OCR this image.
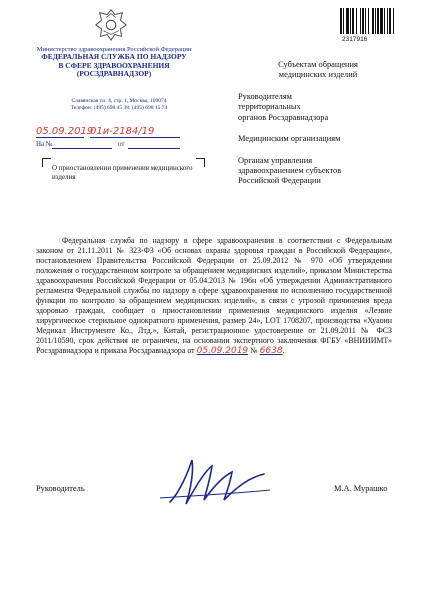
Министерство здравоохранения Российской Федерации
ФЕДЕРАЛЬНАЯ СЛУЖБА ПО НАДЗОРУ
В СФЕРЕ ЗДРАВООХРАНЕНИЯ
(РОСЗДРАВНАДЗОР)
Славянская пл. 4, стр. 1, Москва, 109074
Телефон: (495) 698 45 38; (495) 698 15 74
05.09.2019
01и-2184/19
На №	от
О приостановлении применения медицинского изделия
2317916
Субъектам обращения
медицинских изделий
Руководителям
территориальных
органов Росздравнадзора
Медицинским организациям
Органам управления
здравоохранением субъектов
Российской Федерации
Федеральная служба по надзору в сфере здравоохранения в соответствии с Федеральным законом от 21.11.2011 № 323-ФЗ «Об основах охраны здоровья граждан в Российской Федерации», постановлением Правительства Российской Федерации от 25.09.2012 № 970 «Об утверждении положения о государственном контроле за обращением медицинских изделий», приказом Министерства здравоохранения Российской Федерации от 05.04.2013 № 196н «Об утверждении Административного регламента Федеральной службы по надзору в сфере здравоохранения по исполнению государственной функции по контролю за обращением медицинских изделий», в связи с угрозой причинения вреда здоровью граждан, сообщает о приостановлении применения медицинского изделия «Лезвие хирургическое стерильное однократного применения, размер 24», LOT 1708207, производства «Хуаоин Медикал Инструменте Ко., Лтд.», Китай, регистрационное удостоверение от 21.09.2011 № ФСЗ 2011/10590, срок действия не ограничен, на основании экспертного заключения ФГБУ «ВНИИИМТ» Росздравнадзора и приказа Росздравнадзора от 05.09.2019 № 6638.
Руководитель	М.А. Мурашко
